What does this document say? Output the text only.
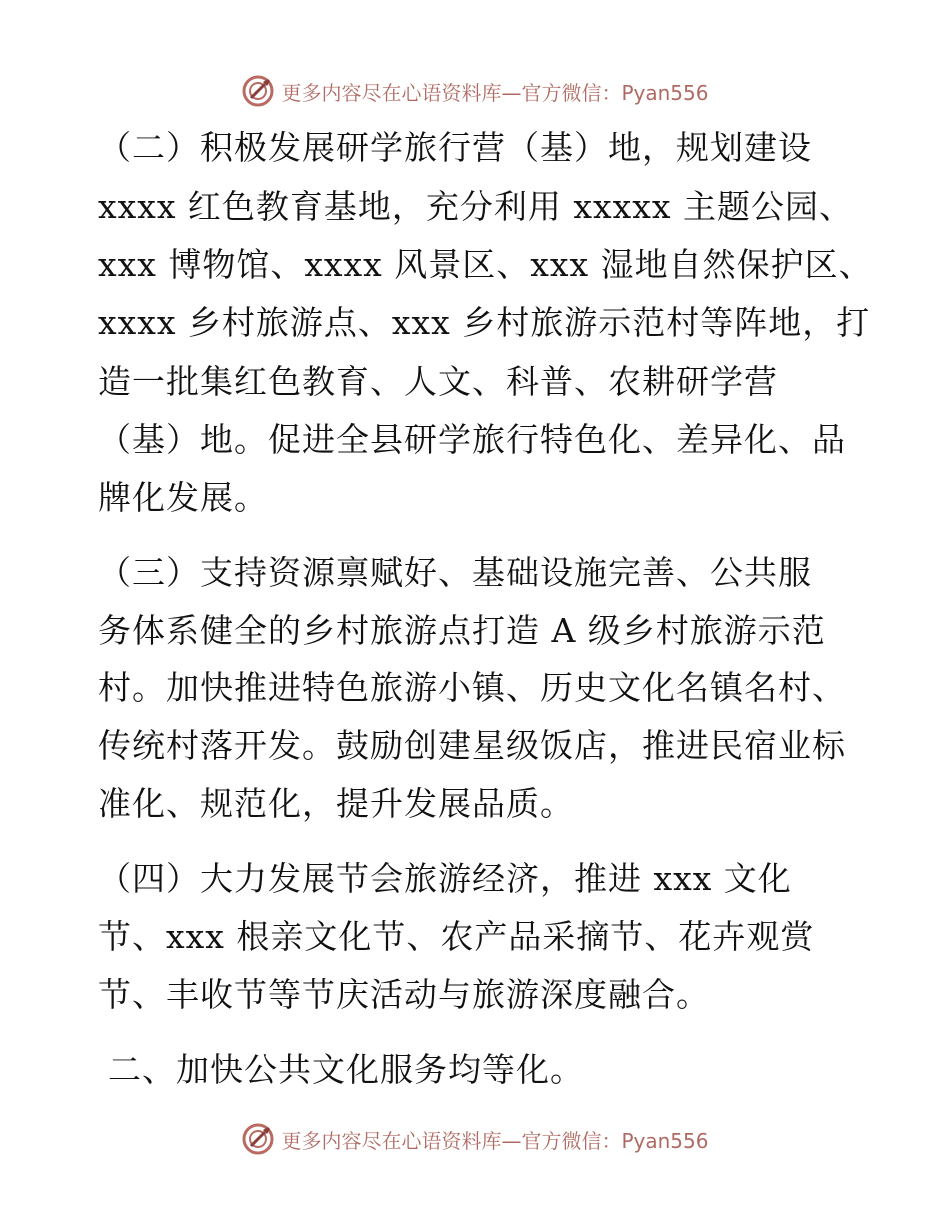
更多内容尽在心语资料库—官方微信：Pyan556
（二）积极发展研学旅行营（基）地，规划建设
xxxx 红色教育基地，充分利用 xxxxx 主题公园、
xxx 博物馆、xxxx 风景区、xxx 湿地自然保护区、
xxxx 乡村旅游点、xxx 乡村旅游示范村等阵地，打
造一批集红色教育、人文、科普、农耕研学营
（基）地。促进全县研学旅行特色化、差异化、品
牌化发展。
（三）支持资源禀赋好、基础设施完善、公共服
务体系健全的乡村旅游点打造 A 级乡村旅游示范
村。加快推进特色旅游小镇、历史文化名镇名村、
传统村落开发。鼓励创建星级饭店，推进民宿业标
准化、规范化，提升发展品质。
（四）大力发展节会旅游经济，推进 xxx 文化
节、xxx 根亲文化节、农产品采摘节、花卉观赏
节、丰收节等节庆活动与旅游深度融合。
二、加快公共文化服务均等化。
更多内容尽在心语资料库—官方微信：Pyan556
